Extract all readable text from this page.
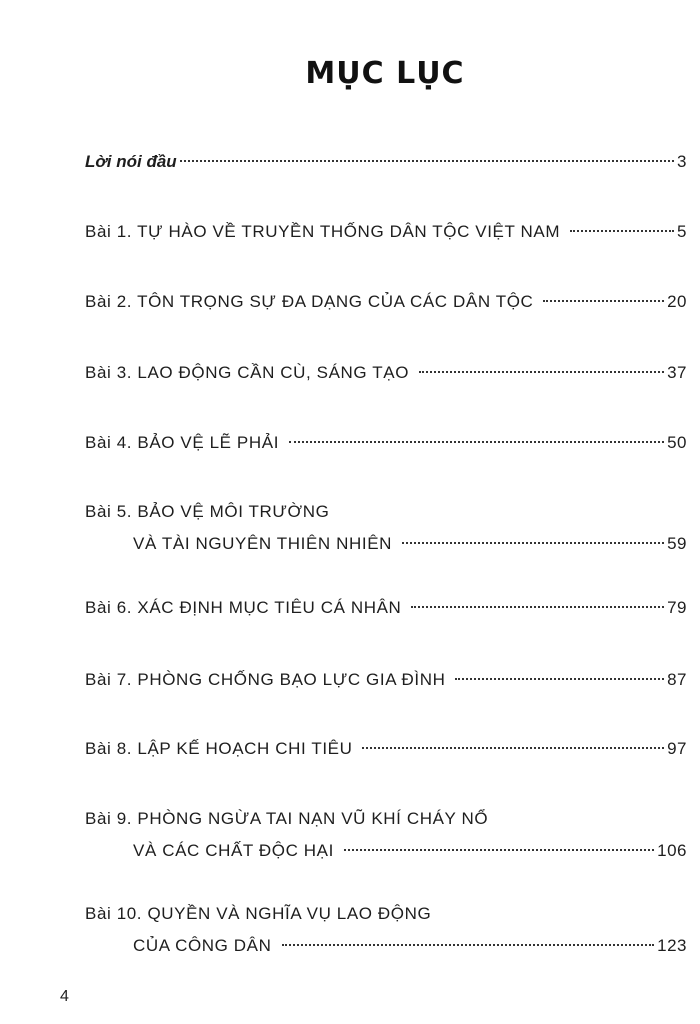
MỤC LỤC
Lời nói đầu	3
Bài 1. TỰ HÀO VỀ TRUYỀN THỐNG DÂN TỘC VIỆT NAM	5
Bài 2. TÔN TRỌNG SỰ ĐA DẠNG CỦA CÁC DÂN TỘC	20
Bài 3. LAO ĐỘNG CẦN CÙ, SÁNG TẠO	37
Bài 4. BẢO VỆ LẼ PHẢI	50
Bài 5. BẢO VỆ MÔI TRƯỜNG
VÀ TÀI NGUYÊN THIÊN NHIÊN	59
Bài 6. XÁC ĐỊNH MỤC TIÊU CÁ NHÂN	79
Bài 7. PHÒNG CHỐNG BẠO LỰC GIA ĐÌNH	87
Bài 8. LẬP KẾ HOẠCH CHI TIÊU	97
Bài 9. PHÒNG NGỪA TAI NẠN VŨ KHÍ CHÁY NỔ
VÀ CÁC CHẤT ĐỘC HẠI	106
Bài 10. QUYỀN VÀ NGHĨA VỤ LAO ĐỘNG
CỦA CÔNG DÂN	123
4
